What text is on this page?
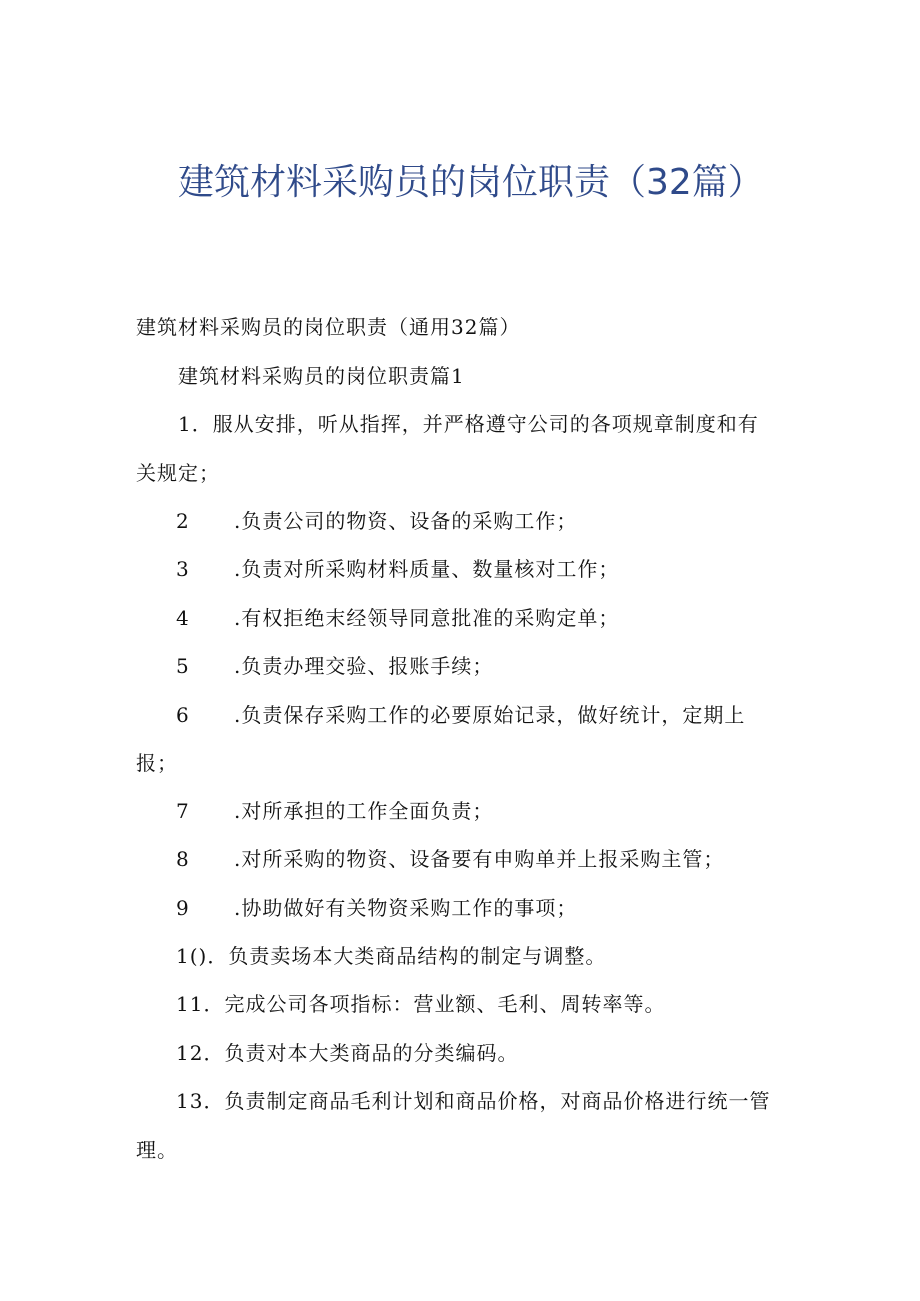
建筑材料采购员的岗位职责（32篇）
建筑材料采购员的岗位职责（通用32篇）
建筑材料采购员的岗位职责篇1
1．服从安排，听从指挥，并严格遵守公司的各项规章制度和有
关规定；
2 .负责公司的物资、设备的采购工作；
3 .负责对所采购材料质量、数量核对工作；
4 .有权拒绝末经领导同意批准的采购定单；
5 .负责办理交验、报账手续；
6 .负责保存采购工作的必要原始记录，做好统计，定期上
报；
7 .对所承担的工作全面负责；
8 .对所采购的物资、设备要有申购单并上报采购主管；
9 .协助做好有关物资采购工作的事项；
1()．负责卖场本大类商品结构的制定与调整。
11．完成公司各项指标：营业额、毛利、周转率等。
12．负责对本大类商品的分类编码。
13．负责制定商品毛利计划和商品价格，对商品价格进行统一管
理。
